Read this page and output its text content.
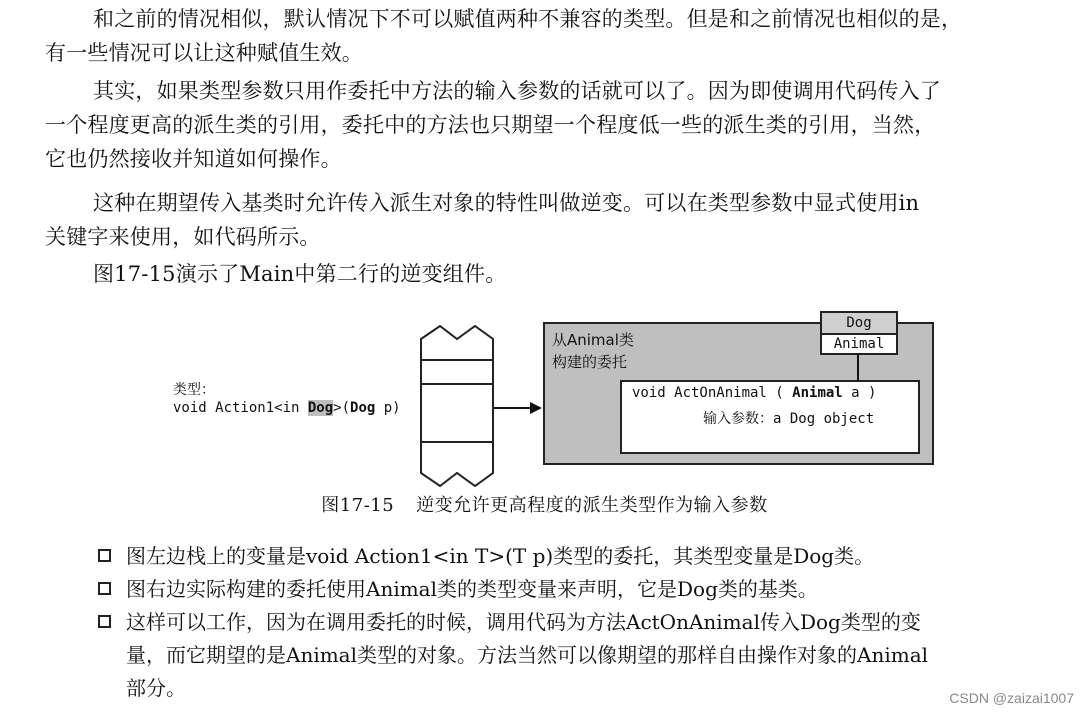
和之前的情况相似，默认情况下不可以赋值两种不兼容的类型。但是和之前情况也相似的是，
有一些情况可以让这种赋值生效。
其实，如果类型参数只用作委托中方法的输入参数的话就可以了。因为即使调用代码传入了
一个程度更高的派生类的引用，委托中的方法也只期望一个程度低一些的派生类的引用，当然，
它也仍然接收并知道如何操作。
这种在期望传入基类时允许传入派生对象的特性叫做逆变。可以在类型参数中显式使用in
关键字来使用，如代码所示。
图17-15演示了Main中第二行的逆变组件。
类型：
void Action1<in Dog>(Dog p)
从Animal类
构建的委托
void ActOnAnimal ( Animal a )
输入参数：a Dog object
Dog
Animal
图17-15 逆变允许更高程度的派生类型作为输入参数
图左边栈上的变量是void Action1<in T>(T p)类型的委托，其类型变量是Dog类。
图右边实际构建的委托使用Animal类的类型变量来声明，它是Dog类的基类。
这样可以工作，因为在调用委托的时候，调用代码为方法ActOnAnimal传入Dog类型的变
量，而它期望的是Animal类型的对象。方法当然可以像期望的那样自由操作对象的Animal
部分。	CSDN @zaizai1007
